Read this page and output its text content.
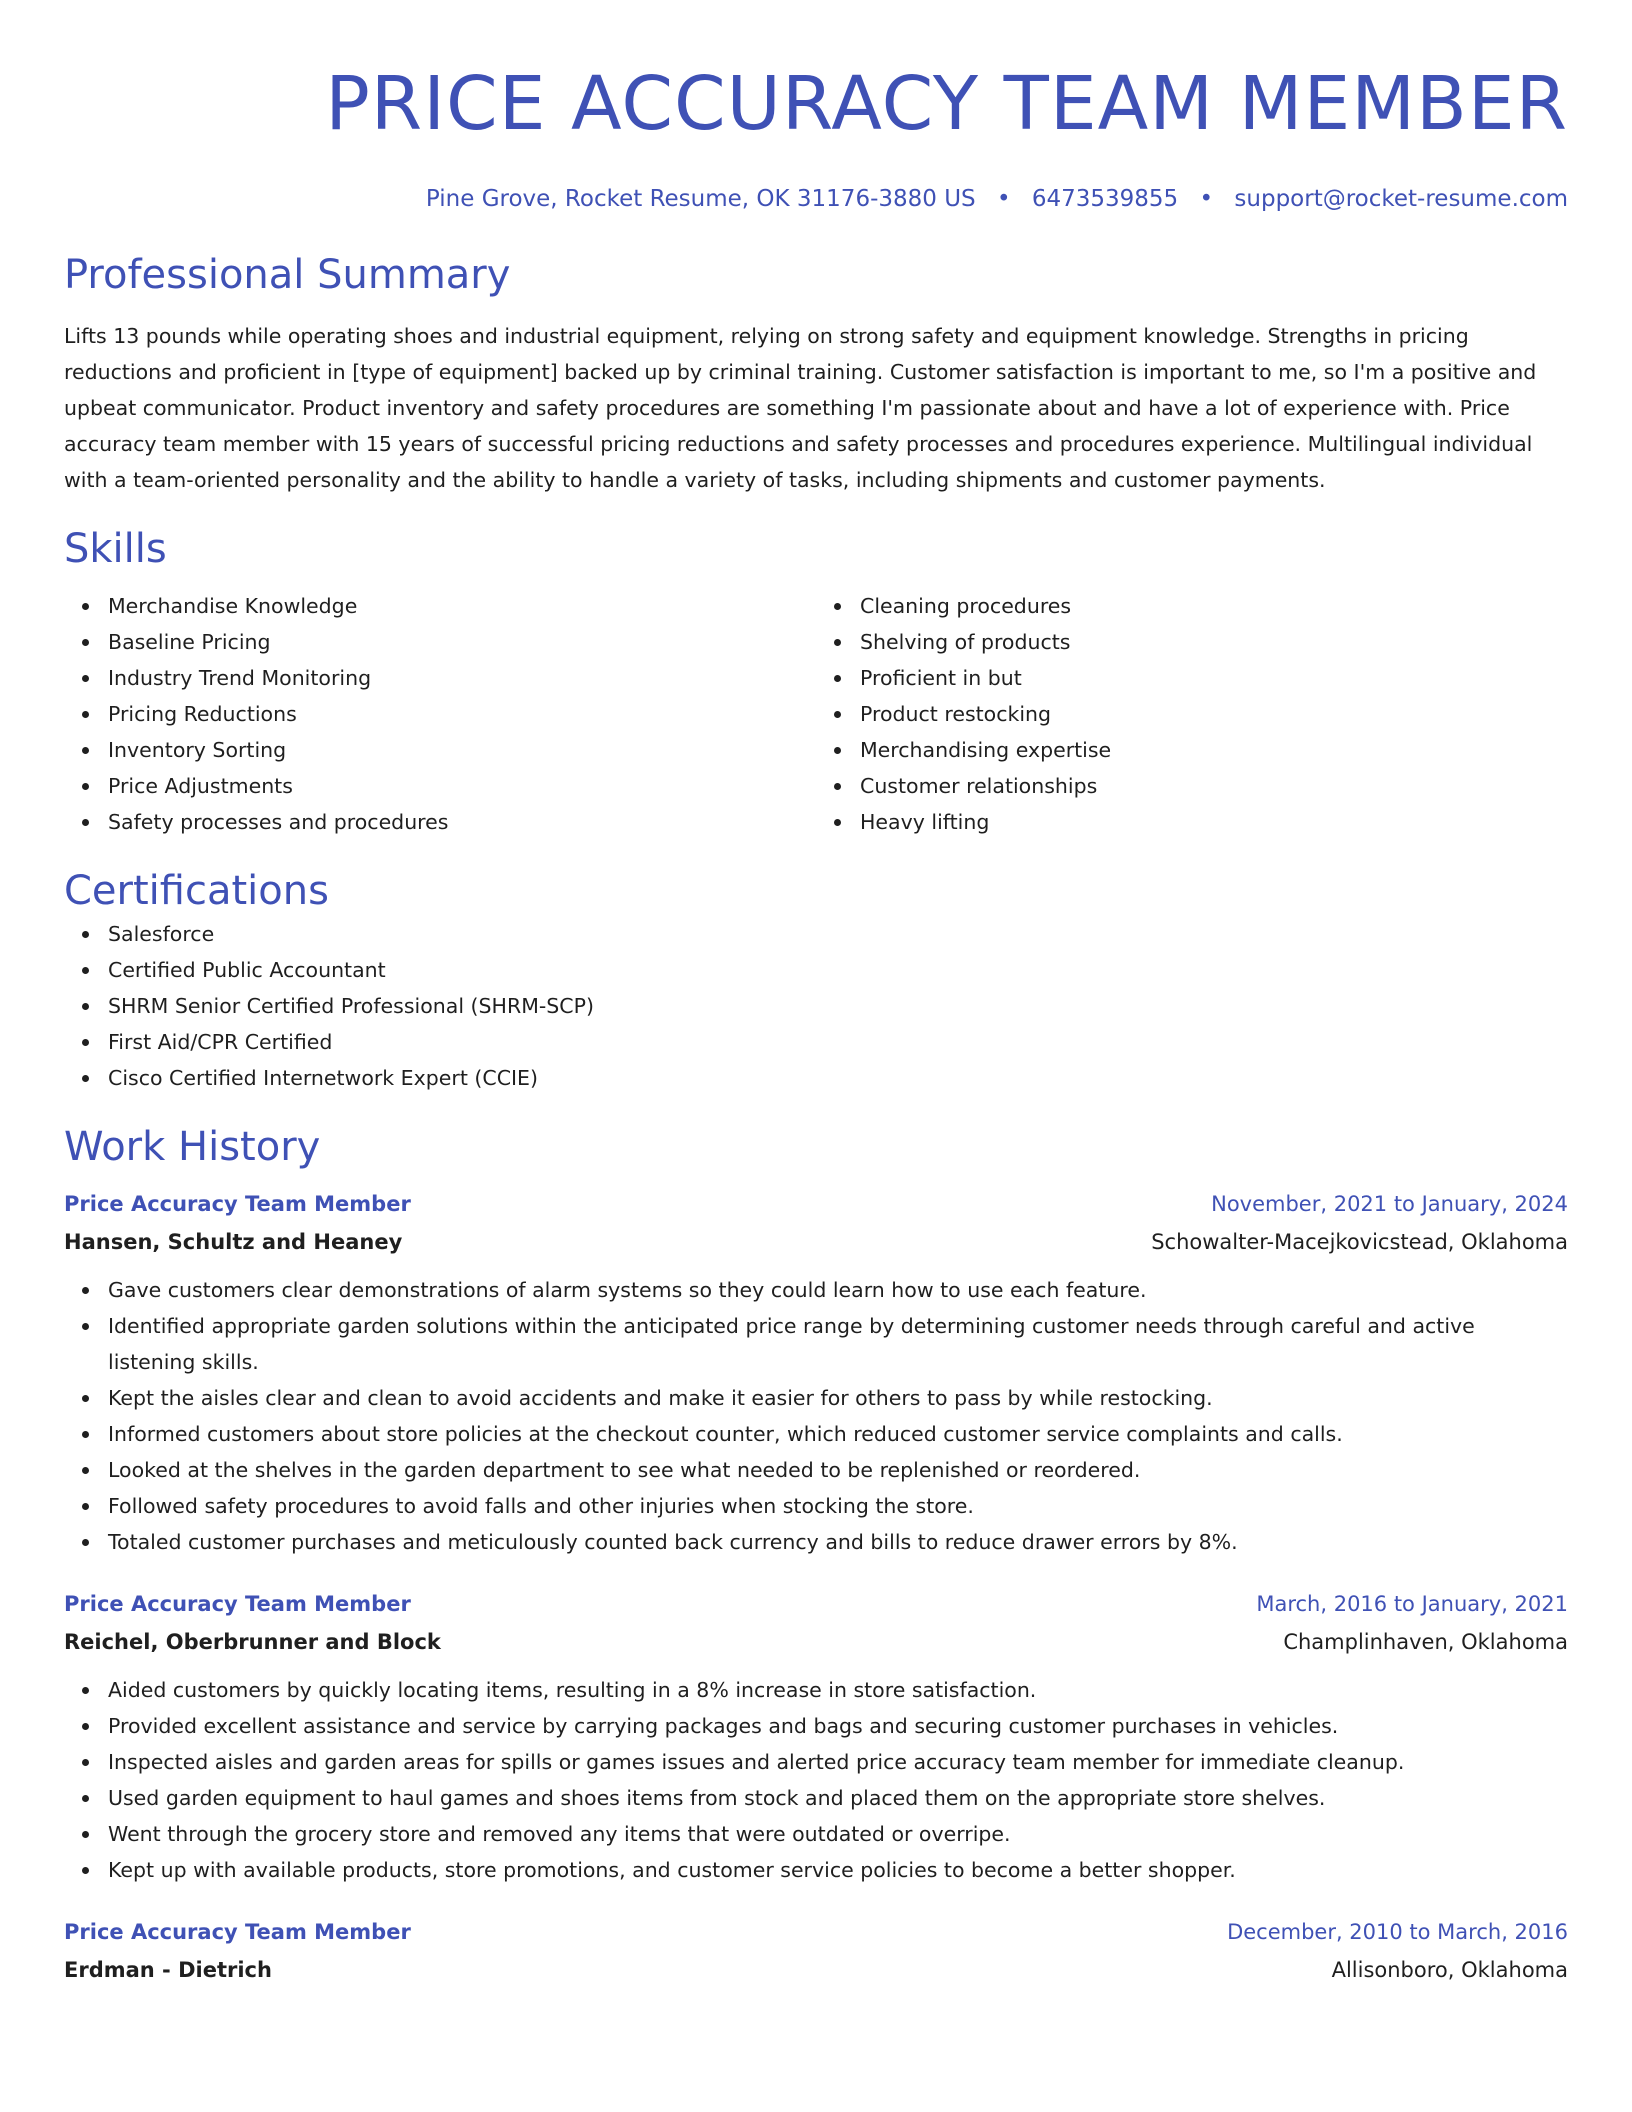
PRICE ACCURACY TEAM MEMBER
Pine Grove, Rocket Resume, OK 31176-3880 US • 6473539855 • support@rocket-resume.com
Professional Summary

Lifts 13 pounds while operating shoes and industrial equipment, relying on strong safety and equipment knowledge. Strengths in pricing reductions and proficient in [type of equipment] backed up by criminal training. Customer satisfaction is important to me, so I'm a positive and upbeat communicator. Product inventory and safety procedures are something I'm passionate about and have a lot of experience with. Price accuracy team member with 15 years of successful pricing reductions and safety processes and procedures experience. Multilingual individual with a team-oriented personality and the ability to handle a variety of tasks, including shipments and customer payments.

Skills
Merchandise Knowledge
Baseline Pricing
Industry Trend Monitoring
Pricing Reductions
Inventory Sorting
Price Adjustments
Safety processes and procedures
Cleaning procedures
Shelving of products
Proficient in but
Product restocking
Merchandising expertise
Customer relationships
Heavy lifting
Certifications
Salesforce
Certified Public Accountant
SHRM Senior Certified Professional (SHRM-SCP)
First Aid/CPR Certified
Cisco Certified Internetwork Expert (CCIE)
Work History
Price Accuracy Team Member	November, 2021 to January, 2024
Hansen, Schultz and Heaney	Schowalter-Macejkovicstead, Oklahoma
Gave customers clear demonstrations of alarm systems so they could learn how to use each feature.
Identified appropriate garden solutions within the anticipated price range by determining customer needs through careful and active listening skills.
Kept the aisles clear and clean to avoid accidents and make it easier for others to pass by while restocking.
Informed customers about store policies at the checkout counter, which reduced customer service complaints and calls.
Looked at the shelves in the garden department to see what needed to be replenished or reordered.
Followed safety procedures to avoid falls and other injuries when stocking the store.
Totaled customer purchases and meticulously counted back currency and bills to reduce drawer errors by 8%.
Price Accuracy Team Member	March, 2016 to January, 2021
Reichel, Oberbrunner and Block	Champlinhaven, Oklahoma
Aided customers by quickly locating items, resulting in a 8% increase in store satisfaction.
Provided excellent assistance and service by carrying packages and bags and securing customer purchases in vehicles.
Inspected aisles and garden areas for spills or games issues and alerted price accuracy team member for immediate cleanup.
Used garden equipment to haul games and shoes items from stock and placed them on the appropriate store shelves.
Went through the grocery store and removed any items that were outdated or overripe.
Kept up with available products, store promotions, and customer service policies to become a better shopper.
Price Accuracy Team Member	December, 2010 to March, 2016
Erdman - Dietrich	Allisonboro, Oklahoma
